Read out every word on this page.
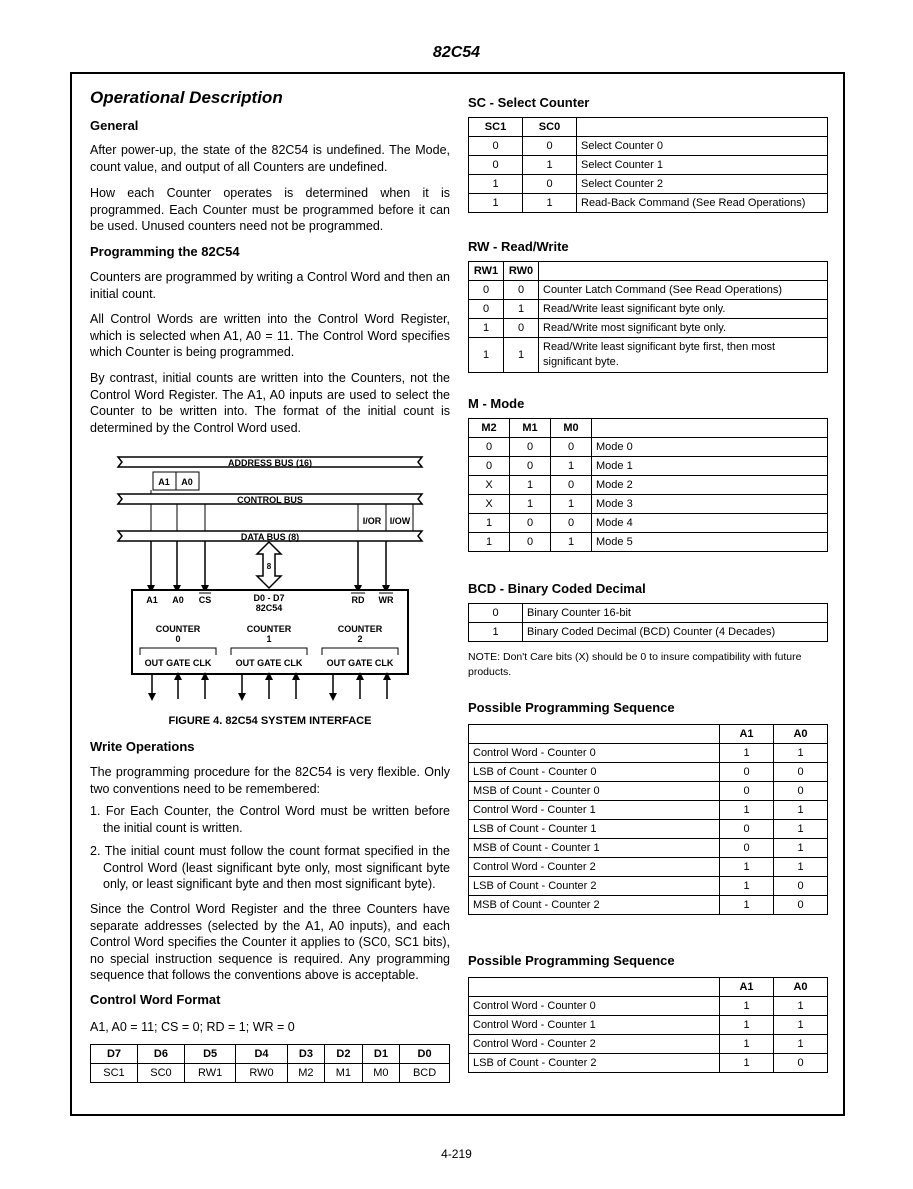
82C54
Operational Description
General
After power-up, the state of the 82C54 is undefined. The Mode, count value, and output of all Counters are undefined.
How each Counter operates is determined when it is programmed. Each Counter must be programmed before it can be used. Unused counters need not be programmed.
Programming the 82C54
Counters are programmed by writing a Control Word and then an initial count.
All Control Words are written into the Control Word Register, which is selected when A1, A0 = 11. The Control Word specifies which Counter is being programmed.
By contrast, initial counts are written into the Counters, not the Control Word Register. The A1, A0 inputs are used to select the Counter to be written into. The format of the initial count is determined by the Control Word used.
ADDRESS BUS (16)
A1 A0
CONTROL BUS
I/OR I/OW
DATA BUS (8)
8
A1 A0 CS	D0 - D7
82C54
RD WR
COUNTER
0
COUNTER
1
COUNTER
2
OUT GATE CLK	OUT GATE CLK	OUT GATE CLK
FIGURE 4. 82C54 SYSTEM INTERFACE
Write Operations
The programming procedure for the 82C54 is very flexible. Only two conventions need to be remembered:
1. For Each Counter, the Control Word must be written before the initial count is written.
2. The initial count must follow the count format specified in the Control Word (least significant byte only, most significant byte only, or least significant byte and then most significant byte).
Since the Control Word Register and the three Counters have separate addresses (selected by the A1, A0 inputs), and each Control Word specifies the Counter it applies to (SC0, SC1 bits), no special instruction sequence is required. Any programming sequence that follows the conventions above is acceptable.
Control Word Format
A1, A0 = 11; CS = 0; RD = 1; WR = 0
D7	D6	D5	D4	D3	D2	D1	D0
SC1	SC0	RW1	RW0	M2	M1	M0	BCD
SC - Select Counter
SC1	SC0	
0	0	Select Counter 0
0	1	Select Counter 1
1	0	Select Counter 2
1	1	Read-Back Command (See Read Operations)
RW - Read/Write
RW1	RW0	
0	0	Counter Latch Command (See Read Operations)
0	1	Read/Write least significant byte only.
1	0	Read/Write most significant byte only.
1	1	Read/Write least significant byte first, then most significant byte.
M - Mode
M2	M1	M0	
0	0	0	Mode 0
0	0	1	Mode 1
X	1	0	Mode 2
X	1	1	Mode 3
1	0	0	Mode 4
1	0	1	Mode 5
BCD - Binary Coded Decimal
0	Binary Counter 16-bit
1	Binary Coded Decimal (BCD) Counter (4 Decades)
NOTE: Don't Care bits (X) should be 0 to insure compatibility with future products.
Possible Programming Sequence
	A1	A0
Control Word - Counter 0	1	1
LSB of Count - Counter 0	0	0
MSB of Count - Counter 0	0	0
Control Word - Counter 1	1	1
LSB of Count - Counter 1	0	1
MSB of Count - Counter 1	0	1
Control Word - Counter 2	1	1
LSB of Count - Counter 2	1	0
MSB of Count - Counter 2	1	0
Possible Programming Sequence
	A1	A0
Control Word - Counter 0	1	1
Control Word - Counter 1	1	1
Control Word - Counter 2	1	1
LSB of Count - Counter 2	1	0
4-219
